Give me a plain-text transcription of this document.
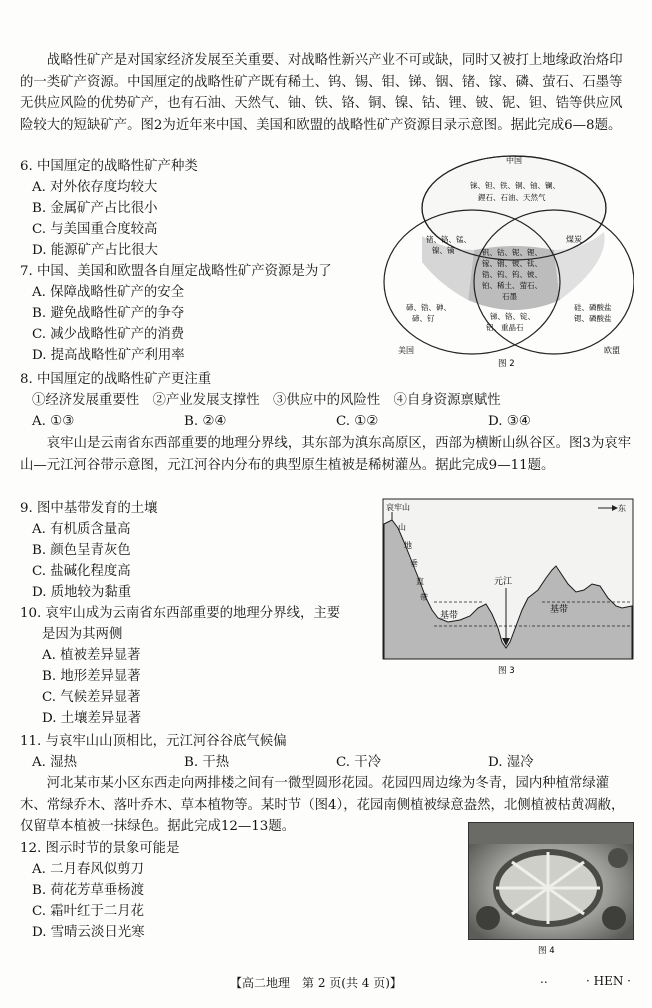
战略性矿产是对国家经济发展至关重要、对战略性新兴产业不可或缺，同时又被打上地缘政治烙印的一类矿产资源。中国厘定的战略性矿产既有稀土、钨、锡、钼、锑、铟、锗、镓、磷、萤石、石墨等无供应风险的优势矿产，也有石油、天然气、铀、铁、铬、铜、镍、钴、锂、铍、铌、钽、锆等供应风险较大的短缺矿产。图2为近年来中国、美国和欧盟的战略性矿产资源目录示意图。据此完成6—8题。
6. 中国厘定的战略性矿产种类
A. 对外依存度均较大
B. 金属矿产占比很小
C. 与美国重合度较高
D. 能源矿产占比很大
7. 中国、美国和欧盟各自厘定战略性矿产资源是为了
A. 保障战略性矿产的安全
B. 避免战略性矿产的争夺
C. 减少战略性矿产的消费
D. 提高战略性矿产利用率
中国
美国	欧盟
铼、钽、铁、铜、铀、镧、
鋰石、石油、天然气
锗、铬、锰、
镍、镝
煤炭
钒、钴、铌、锂、
镓、铟、铍、钛、
锆、钨、钨、铍、
铂、稀土、萤石、
石墨
碲、锆、砷、
碲、钌	锑、铬、锭、
铝、重晶石
硅、磷酸盐
锶、磷酸盐
图 2
8. 中国厘定的战略性矿产更注重
①经济发展重要性　②产业发展支撑性　③供应中的风险性　④自身资源禀赋性
A. ①③	B. ②④	C. ①②	D. ③④
哀牢山是云南省东西部重要的地理分界线，其东部为滇东高原区，西部为横断山纵谷区。图3为哀牢山—元江河谷带示意图，元江河谷内分布的典型原生植被是稀树灌丛。据此完成9—11题。
9. 图中基带发育的土壤
A. 有机质含量高
B. 颜色呈青灰色
C. 盐碱化程度高
D. 质地较为黏重
10. 哀牢山成为云南省东西部重要的地理分界线，主要
是因为其两侧
A. 植被差异显著
B. 地形差异显著
C. 气候差异显著
D. 土壤差异显著
元江
基带
基带
哀牢山	东
山
地
垂
直
带
图 3
11. 与哀牢山山顶相比，元江河谷谷底气候偏
A. 湿热	B. 干热	C. 干冷	D. 湿冷
河北某市某小区东西走向两排楼之间有一微型圆形花园。花园四周边缘为冬青，园内种植常绿灌木、常绿乔木、落叶乔木、草本植物等。某时节（图4），花园南侧植被绿意盎然，北侧植被枯黄凋敝，仅留草本植被一抹绿色。据此完成12—13题。
12. 图示时节的景象可能是
A. 二月春风似剪刀
B. 荷花芳草垂杨渡
C. 霜叶红于二月花
D. 雪晴云淡日光寒
图 4
【高二地理　第 2 页(共 4 页)】	..	· HEN ·
